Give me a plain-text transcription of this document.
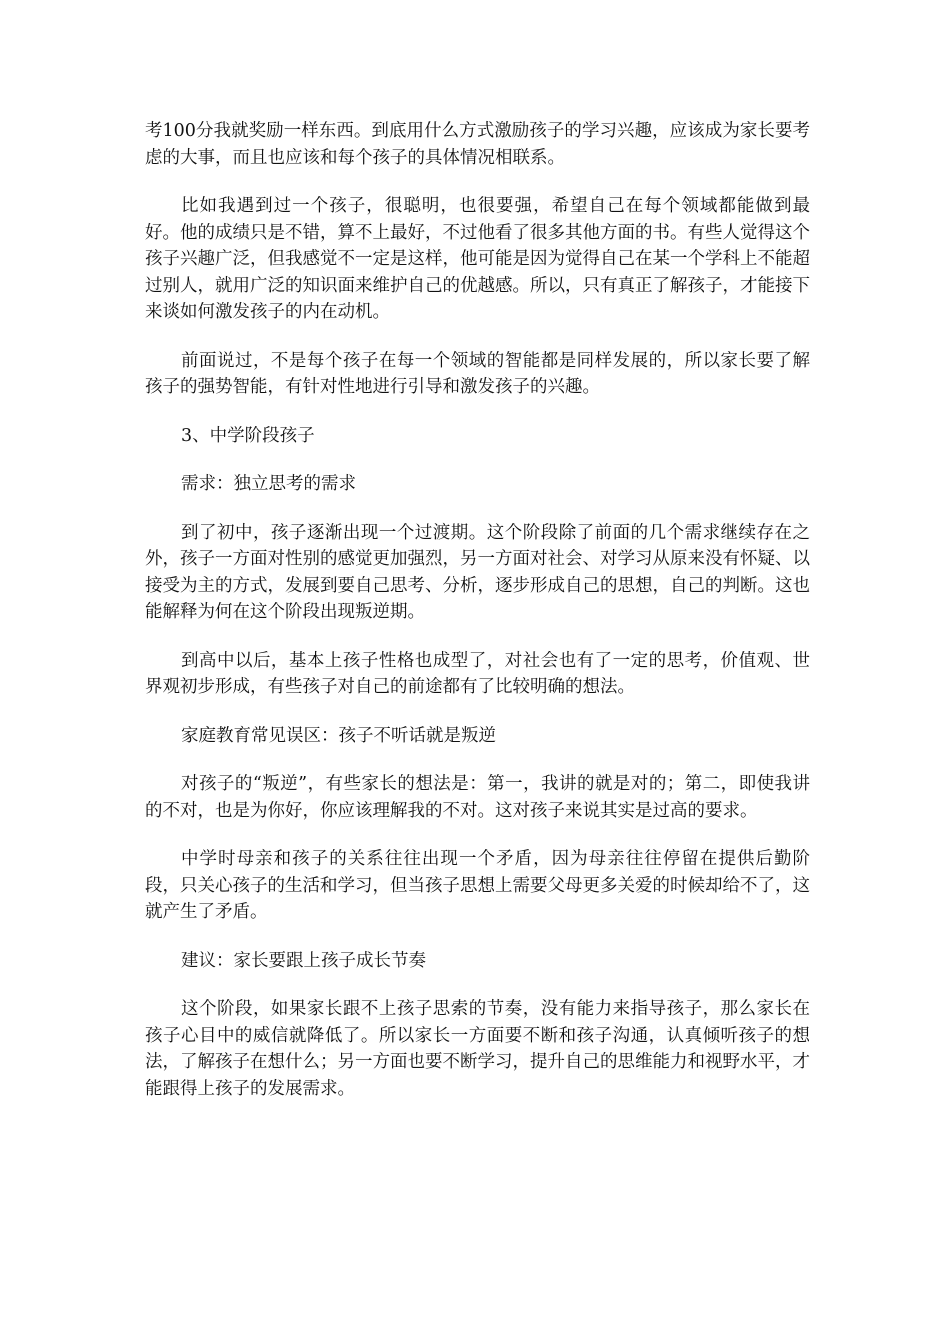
考100分我就奖励一样东西。到底用什么方式激励孩子的学习兴趣，应该成为家长要考虑的大事，而且也应该和每个孩子的具体情况相联系。

比如我遇到过一个孩子，很聪明，也很要强，希望自己在每个领域都能做到最好。他的成绩只是不错，算不上最好，不过他看了很多其他方面的书。有些人觉得这个孩子兴趣广泛，但我感觉不一定是这样，他可能是因为觉得自己在某一个学科上不能超过别人，就用广泛的知识面来维护自己的优越感。所以，只有真正了解孩子，才能接下来谈如何激发孩子的内在动机。

前面说过，不是每个孩子在每一个领域的智能都是同样发展的，所以家长要了解孩子的强势智能，有针对性地进行引导和激发孩子的兴趣。

3、中学阶段孩子

需求：独立思考的需求

到了初中，孩子逐渐出现一个过渡期。这个阶段除了前面的几个需求继续存在之外，孩子一方面对性别的感觉更加强烈，另一方面对社会、对学习从原来没有怀疑、以接受为主的方式，发展到要自己思考、分析，逐步形成自己的思想，自己的判断。这也能解释为何在这个阶段出现叛逆期。

到高中以后，基本上孩子性格也成型了，对社会也有了一定的思考，价值观、世界观初步形成，有些孩子对自己的前途都有了比较明确的想法。

家庭教育常见误区：孩子不听话就是叛逆

对孩子的“叛逆”，有些家长的想法是：第一，我讲的就是对的；第二，即使我讲的不对，也是为你好，你应该理解我的不对。这对孩子来说其实是过高的要求。

中学时母亲和孩子的关系往往出现一个矛盾，因为母亲往往停留在提供后勤阶段，只关心孩子的生活和学习，但当孩子思想上需要父母更多关爱的时候却给不了，这就产生了矛盾。

建议：家长要跟上孩子成长节奏

这个阶段，如果家长跟不上孩子思索的节奏，没有能力来指导孩子，那么家长在孩子心目中的威信就降低了。所以家长一方面要不断和孩子沟通，认真倾听孩子的想法，了解孩子在想什么；另一方面也要不断学习，提升自己的思维能力和视野水平，才能跟得上孩子的发展需求。
